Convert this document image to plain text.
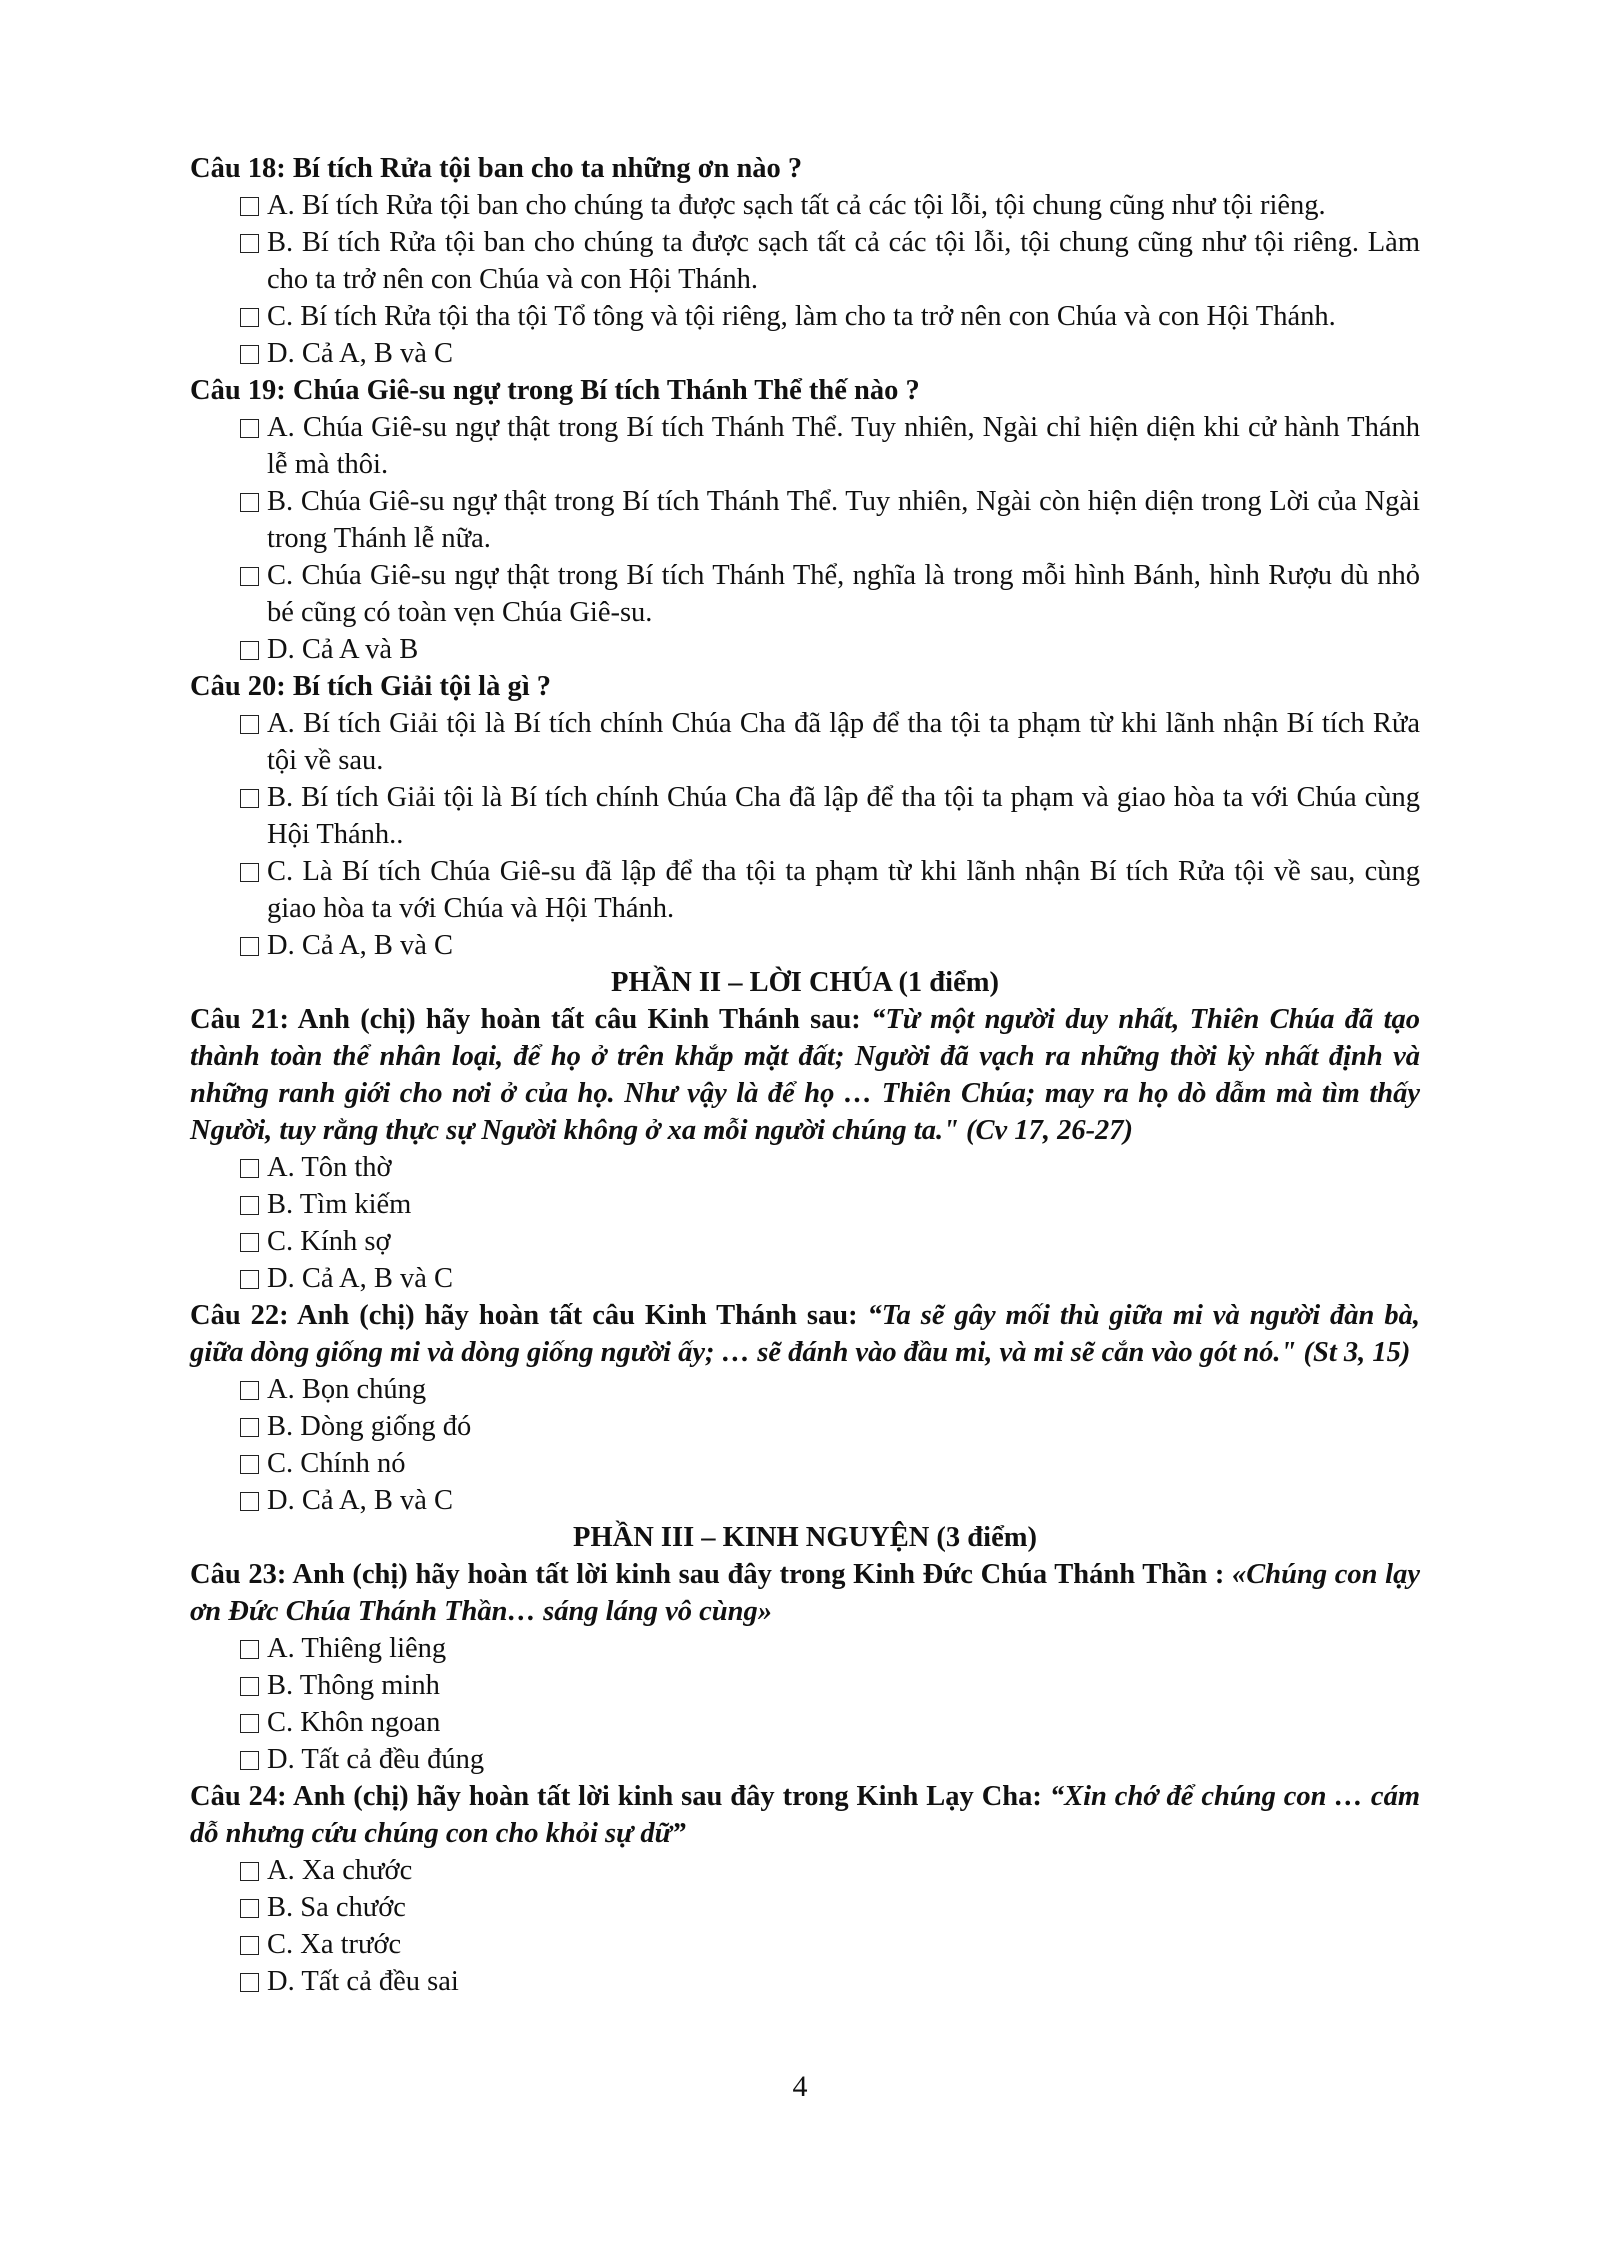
Câu 18: Bí tích Rửa tội ban cho ta những ơn nào ?

A. Bí tích Rửa tội ban cho chúng ta được sạch tất cả các tội lỗi, tội chung cũng như tội riêng.
B. Bí tích Rửa tội ban cho chúng ta được sạch tất cả các tội lỗi, tội chung cũng như tội riêng. Làm cho ta trở nên con Chúa và con Hội Thánh.
C. Bí tích Rửa tội tha tội Tổ tông và tội riêng, làm cho ta trở nên con Chúa và con Hội Thánh.
D. Cả A, B và C

Câu 19: Chúa Giê-su ngự trong Bí tích Thánh Thể thế nào ?

A. Chúa Giê-su ngự thật trong Bí tích Thánh Thể. Tuy nhiên, Ngài chỉ hiện diện khi cử hành Thánh lễ mà thôi.
B. Chúa Giê-su ngự thật trong Bí tích Thánh Thể. Tuy nhiên, Ngài còn hiện diện trong Lời của Ngài trong Thánh lễ nữa.
C. Chúa Giê-su ngự thật trong Bí tích Thánh Thể, nghĩa là trong mỗi hình Bánh, hình Rượu dù nhỏ bé cũng có toàn vẹn Chúa Giê-su.
D. Cả A và B

Câu 20: Bí tích Giải tội là gì ?

A. Bí tích Giải tội là Bí tích chính Chúa Cha đã lập để tha tội ta phạm từ khi lãnh nhận Bí tích Rửa tội về sau.
B. Bí tích Giải tội là Bí tích chính Chúa Cha đã lập để tha tội ta phạm và giao hòa ta với Chúa cùng Hội Thánh..
C. Là Bí tích Chúa Giê-su đã lập để tha tội ta phạm từ khi lãnh nhận Bí tích Rửa tội về sau, cùng giao hòa ta với Chúa và Hội Thánh.
D. Cả A, B và C

PHẦN II – LỜI CHÚA (1 điểm)

Câu 21: Anh (chị) hãy hoàn tất câu Kinh Thánh sau: “Từ một người duy nhất, Thiên Chúa đã tạo thành toàn thể nhân loại, để họ ở trên khắp mặt đất; Người đã vạch ra những thời kỳ nhất định và những ranh giới cho nơi ở của họ. Như vậy là để họ … Thiên Chúa; may ra họ dò dẫm mà tìm thấy Người, tuy rằng thực sự Người không ở xa mỗi người chúng ta." (Cv 17, 26-27)

A. Tôn thờ
B. Tìm kiếm
C. Kính sợ
D. Cả A, B và C

Câu 22: Anh (chị) hãy hoàn tất câu Kinh Thánh sau: “Ta sẽ gây mối thù giữa mi và người đàn bà, giữa dòng giống mi và dòng giống người ấy; … sẽ đánh vào đầu mi, và mi sẽ cắn vào gót nó." (St 3, 15)

A. Bọn chúng
B. Dòng giống đó
C. Chính nó
D. Cả A, B và C

PHẦN III – KINH NGUYỆN (3 điểm)

Câu 23: Anh (chị) hãy hoàn tất lời kinh sau đây trong Kinh Đức Chúa Thánh Thần : «Chúng con lạy ơn Đức Chúa Thánh Thần… sáng láng vô cùng»

A. Thiêng liêng
B. Thông minh
C. Khôn ngoan
D. Tất cả đều đúng

Câu 24: Anh (chị) hãy hoàn tất lời kinh sau đây trong Kinh Lạy Cha: “Xin chớ để chúng con … cám dỗ nhưng cứu chúng con cho khỏi sự dữ”

A. Xa chước
B. Sa chước
C. Xa trước
D. Tất cả đều sai
4
